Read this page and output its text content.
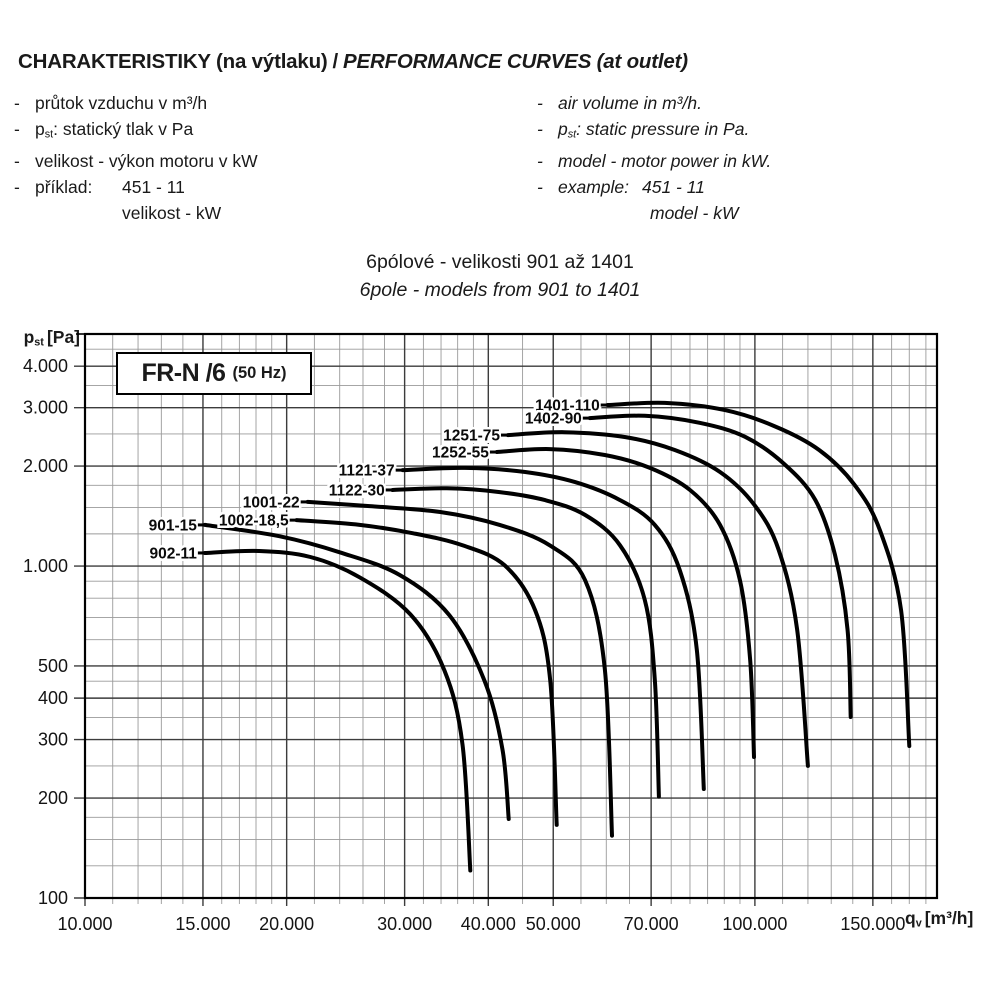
CHARAKTERISTIKY (na výtlaku) / PERFORMANCE CURVES (at outlet)
- průtok vzduchu v m³/h
- $p_{st}$: statický tlak v Pa
- velikost - výkon motoru v kW
- příklad: 451 - 11
velikost - kW
- air volume in m³/h.
- $p_{st}$: static pressure in Pa.
- model - motor power in kW.
- example: 451 - 11
model - kW
6pólové - velikosti 901 až 1401
6pole - models from 901 to 1401
$p_{st}$ [Pa]
$q_v$ [m³/h]
FR-N /6 (50 Hz)
10.000	15.000 20.000	30.000 40.000 50.000 70.000 100.000	150.000
4.000
3.000
2.000
1.000
500
400
300
200
100
901-15
902-11
1001-22
1002-18,5
1121-37
1122-30
1251-75
1252-55
1401-110
1402-90
